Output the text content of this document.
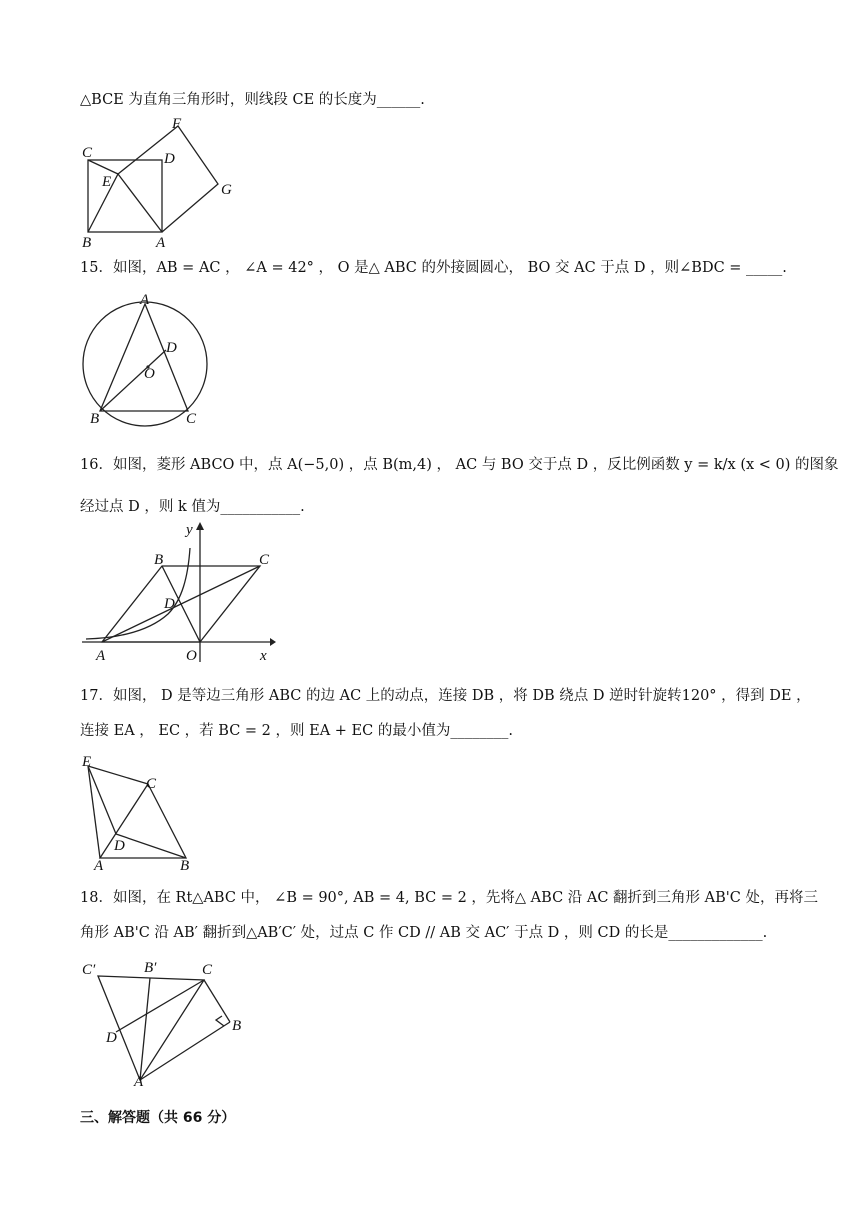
△BCE 为直角三角形时，则线段 CE 的长度为______.
C	D
F
E	G
B	A
15．如图，AB = AC ， ∠A = 42° ， O 是△ ABC 的外接圆圆心， BO 交 AC 于点 D ，则∠BDC = _____.
A
D
O
B	C
16．如图，菱形 ABCO 中，点 A(−5,0) ，点 B(m,4) ， AC 与 BO 交于点 D ，反比例函数 y = k/x (x < 0) 的图象
经过点 D ，则 k 值为___________.
y
B	C
D
A	O	x
17．如图， D 是等边三角形 ABC 的边 AC 上的动点，连接 DB ，将 DB 绕点 D 逆时针旋转120° ，得到 DE ，
连接 EA ， EC ，若 BC = 2 ，则 EA + EC 的最小值为________.
E
C
D
A	B
18．如图，在 Rt△ABC 中， ∠B = 90°, AB = 4, BC = 2 ，先将△ ABC 沿 AC 翻折到三角形 AB'C 处，再将三
角形 AB'C 沿 AB′ 翻折到△AB′C′ 处，过点 C 作 CD // AB 交 AC′ 于点 D ，则 CD 的长是_____________.
C′	B′	C
D
B
A
三、解答题（共 66 分）
